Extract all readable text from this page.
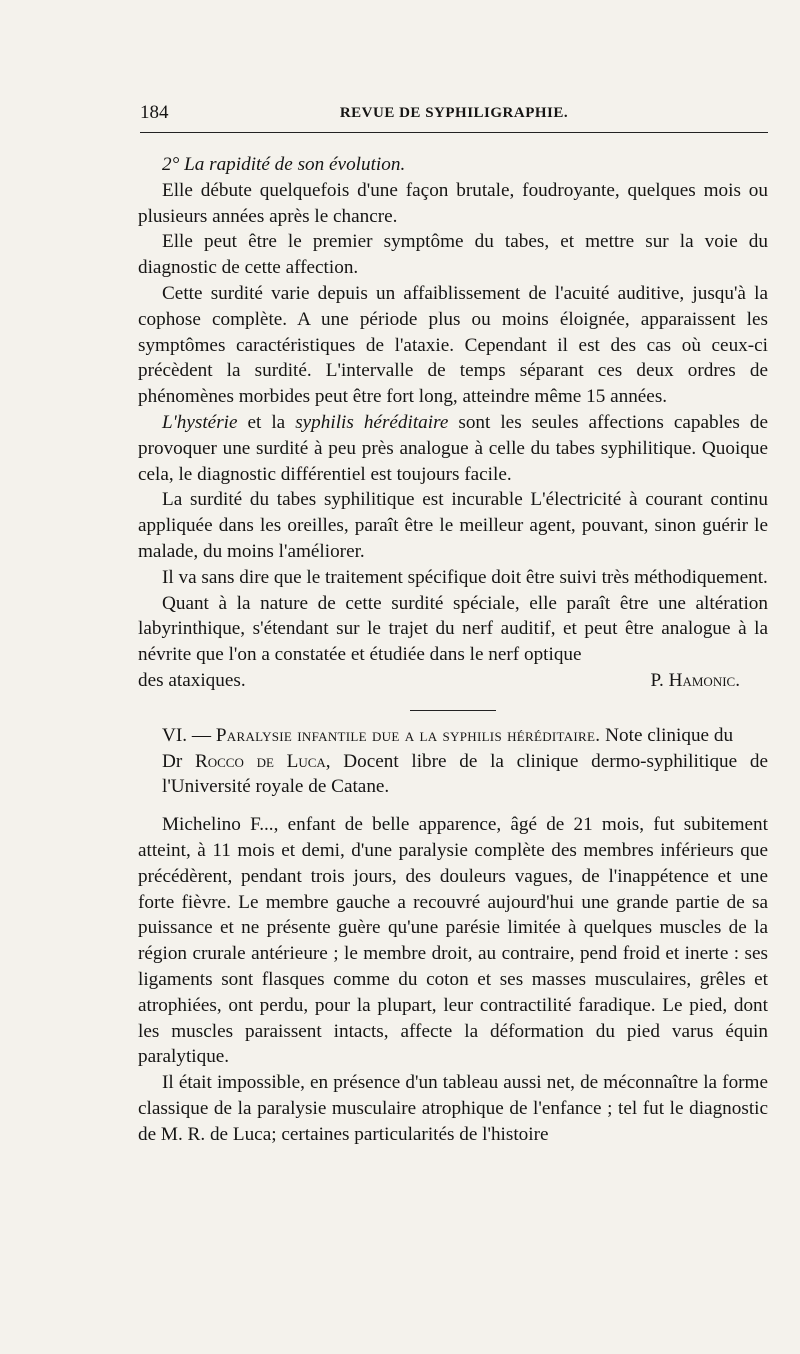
184	REVUE DE SYPHILIGRAPHIE.

2° La rapidité de son évolution.

Elle débute quelquefois d'une façon brutale, foudroyante, quelques mois ou plusieurs années après le chancre.

Elle peut être le premier symptôme du tabes, et mettre sur la voie du diagnostic de cette affection.

Cette surdité varie depuis un affaiblissement de l'acuité auditive, jusqu'à la cophose complète. A une période plus ou moins éloignée, apparaissent les symptômes caractéristiques de l'ataxie. Cependant il est des cas où ceux-ci précèdent la surdité. L'intervalle de temps séparant ces deux ordres de phénomènes morbides peut être fort long, atteindre même 15 années.

L'hystérie et la syphilis héréditaire sont les seules affections capables de provoquer une surdité à peu près analogue à celle du tabes syphilitique. Quoique cela, le diagnostic différentiel est toujours facile.

La surdité du tabes syphilitique est incurable L'électricité à courant continu appliquée dans les oreilles, paraît être le meilleur agent, pouvant, sinon guérir le malade, du moins l'améliorer.

Il va sans dire que le traitement spécifique doit être suivi très méthodiquement.

Quant à la nature de cette surdité spéciale, elle paraît être une altération labyrinthique, s'étendant sur le trajet du nerf auditif, et peut être analogue à la névrite que l'on a constatée et étudiée dans le nerf optique

des ataxiques.	P. Hamonic.

VI. — Paralysie infantile due a la syphilis héréditaire. Note clinique du

Dr Rocco de Luca, Docent libre de la clinique dermo-syphilitique de l'Université royale de Catane.

Michelino F..., enfant de belle apparence, âgé de 21 mois, fut subitement atteint, à 11 mois et demi, d'une paralysie complète des membres inférieurs que précédèrent, pendant trois jours, des douleurs vagues, de l'inappétence et une forte fièvre. Le membre gauche a recouvré aujourd'hui une grande partie de sa puissance et ne présente guère qu'une parésie limitée à quelques muscles de la région crurale antérieure ; le membre droit, au contraire, pend froid et inerte : ses ligaments sont flasques comme du coton et ses masses musculaires, grêles et atrophiées, ont perdu, pour la plupart, leur contractilité faradique. Le pied, dont les muscles paraissent intacts, affecte la déformation du pied varus équin paralytique.

Il était impossible, en présence d'un tableau aussi net, de méconnaître la forme classique de la paralysie musculaire atrophique de l'enfance ; tel fut le diagnostic de M. R. de Luca; certaines particularités de l'histoire
